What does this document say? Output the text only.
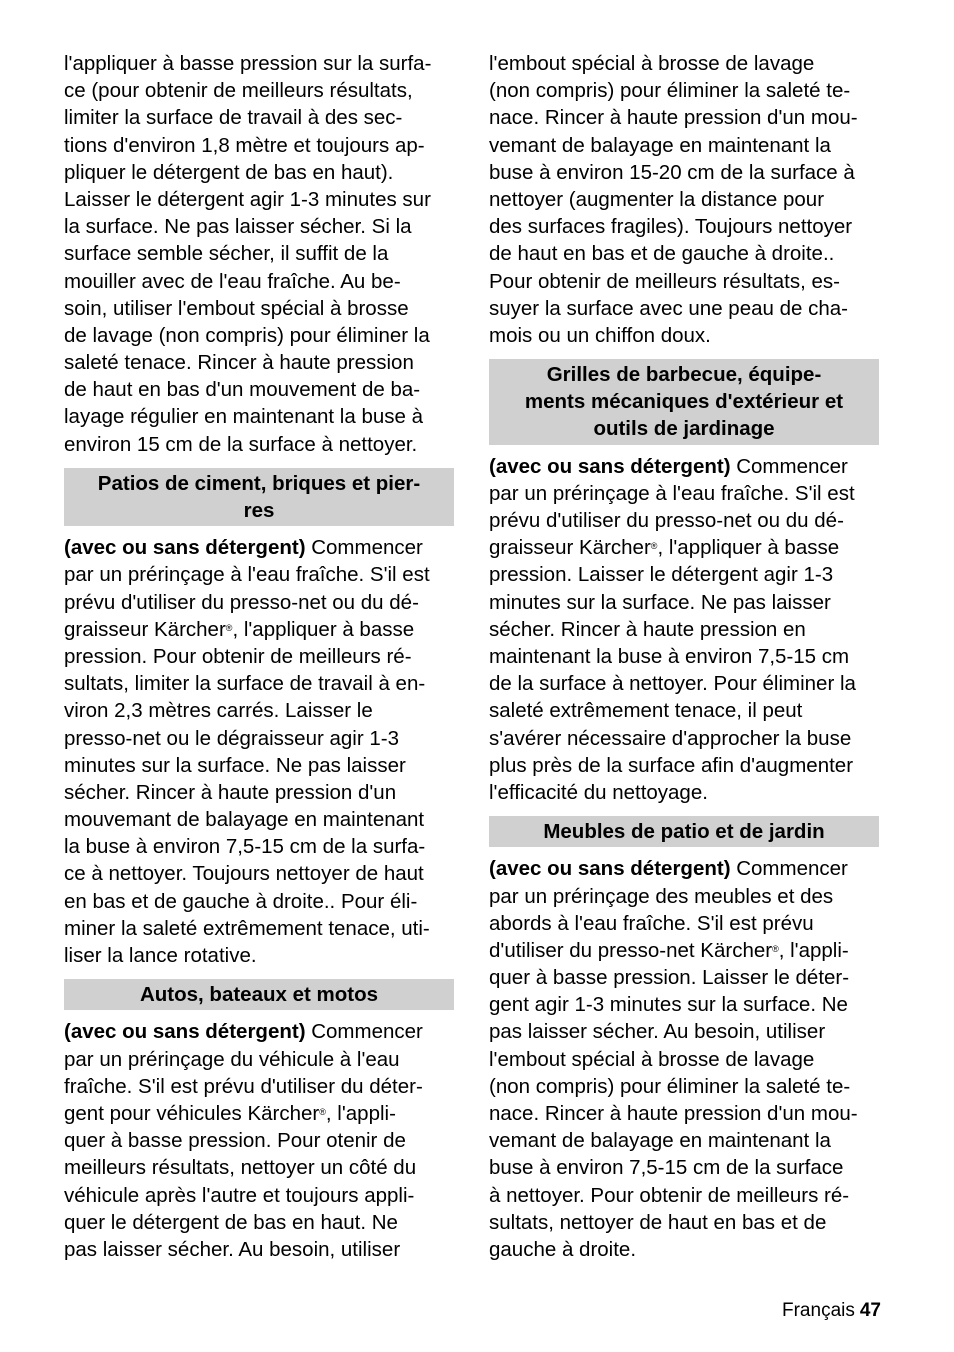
l'appliquer à basse pression sur la surfa-
ce (pour obtenir de meilleurs résultats,
limiter la surface de travail à des sec-
tions d'environ 1,8 mètre et toujours ap-
pliquer le détergent de bas en haut).
Laisser le détergent agir 1-3 minutes sur
la surface. Ne pas laisser sécher. Si la
surface semble sécher, il suffit de la
mouiller avec de l'eau fraîche. Au be-
soin, utiliser l'embout spécial à brosse
de lavage (non compris) pour éliminer la
saleté tenace. Rincer à haute pression
de haut en bas d'un mouvement de ba-
layage régulier en maintenant la buse à
environ 15 cm de la surface à nettoyer.
Patios de ciment, briques et pier-
res
(avec ou sans détergent) Commencer
par un prérinçage à l'eau fraîche. S'il est
prévu d'utiliser du presso-net ou du dé-
graisseur Kärcher®, l'appliquer à basse
pression. Pour obtenir de meilleurs ré-
sultats, limiter la surface de travail à en-
viron 2,3 mètres carrés. Laisser le
presso-net ou le dégraisseur agir 1-3
minutes sur la surface. Ne pas laisser
sécher. Rincer à haute pression d'un
mouvemant de balayage en maintenant
la buse à environ 7,5-15 cm de la surfa-
ce à nettoyer. Toujours nettoyer de haut
en bas et de gauche à droite.. Pour éli-
miner la saleté extrêmement tenace, uti-
liser la lance rotative.
Autos, bateaux et motos
(avec ou sans détergent) Commencer
par un prérinçage du véhicule à l'eau
fraîche. S'il est prévu d'utiliser du déter-
gent pour véhicules Kärcher®, l'appli-
quer à basse pression. Pour otenir de
meilleurs résultats, nettoyer un côté du
véhicule après l'autre et toujours appli-
quer le détergent de bas en haut. Ne
pas laisser sécher. Au besoin, utiliser
l'embout spécial à brosse de lavage
(non compris) pour éliminer la saleté te-
nace. Rincer à haute pression d'un mou-
vemant de balayage en maintenant la
buse à environ 15-20 cm de la surface à
nettoyer (augmenter la distance pour
des surfaces fragiles). Toujours nettoyer
de haut en bas et de gauche à droite..
Pour obtenir de meilleurs résultats, es-
suyer la surface avec une peau de cha-
mois ou un chiffon doux.
Grilles de barbecue, équipe-
ments mécaniques d'extérieur et
outils de jardinage
(avec ou sans détergent) Commencer
par un prérinçage à l'eau fraîche. S'il est
prévu d'utiliser du presso-net ou du dé-
graisseur Kärcher®, l'appliquer à basse
pression. Laisser le détergent agir 1-3
minutes sur la surface. Ne pas laisser
sécher. Rincer à haute pression en
maintenant la buse à environ 7,5-15 cm
de la surface à nettoyer. Pour éliminer la
saleté extrêmement tenace, il peut
s'avérer nécessaire d'approcher la buse
plus près de la surface afin d'augmenter
l'efficacité du nettoyage.
Meubles de patio et de jardin
(avec ou sans détergent) Commencer
par un prérinçage des meubles et des
abords à l'eau fraîche. S'il est prévu
d'utiliser du presso-net Kärcher®, l'appli-
quer à basse pression. Laisser le déter-
gent agir 1-3 minutes sur la surface. Ne
pas laisser sécher. Au besoin, utiliser
l'embout spécial à brosse de lavage
(non compris) pour éliminer la saleté te-
nace. Rincer à haute pression d'un mou-
vemant de balayage en maintenant la
buse à environ 7,5-15 cm de la surface
à nettoyer. Pour obtenir de meilleurs ré-
sultats, nettoyer de haut en bas et de
gauche à droite.
Français 47
